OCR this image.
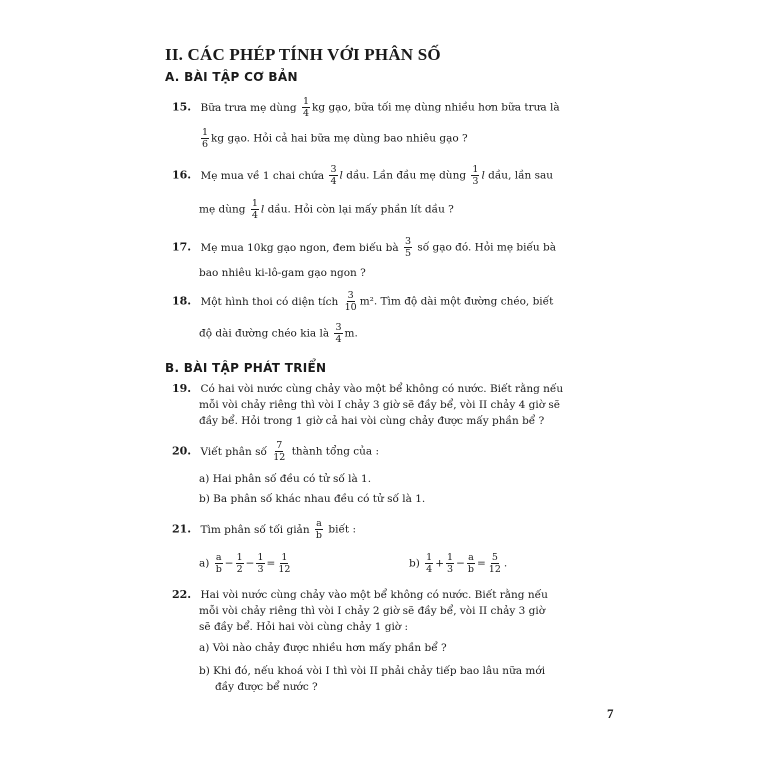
II. CÁC PHÉP TÍNH VỚI PHÂN SỐ
A. BÀI TẬP CƠ BẢN
15. Bữa trưa mẹ dùng $\frac{1}{4}$ kg gạo, bữa tối mẹ dùng nhiều hơn bữa trưa là
$\frac{1}{6}$ kg gạo. Hỏi cả hai bữa mẹ dùng bao nhiêu gạo ?
16. Mẹ mua về 1 chai chứa $\frac{3}{4}$ l dầu. Lần đầu mẹ dùng $\frac{1}{3}$ l dầu, lần sau
mẹ dùng $\frac{1}{4}$ l dầu. Hỏi còn lại mấy phần lít dầu ?
17. Mẹ mua 10kg gạo ngon, đem biếu bà $\frac{3}{5}$ số gạo đó. Hỏi mẹ biếu bà
bao nhiêu ki-lô-gam gạo ngon ?
18. Một hình thoi có diện tích $\frac{3}{10} m^2$. Tìm độ dài một đường chéo, biết
độ dài đường chéo kia là $\frac{3}{4} m$.
B. BÀI TẬP PHÁT TRIỂN
19. Có hai vòi nước cùng chảy vào một bể không có nước. Biết rằng nếu
mỗi vòi chảy riêng thì vòi I chảy 3 giờ sẽ đầy bể, vòi II chảy 4 giờ sẽ
đầy bể. Hỏi trong 1 giờ cả hai vòi cùng chảy được mấy phần bể ?
20. Viết phân số $\frac{7}{12}$ thành tổng của :
a) Hai phân số đều có tử số là 1.
b) Ba phân số khác nhau đều có tử số là 1.
21. Tìm phân số tối giản $\frac{a}{b}$ biết :
$a) \frac{a}{b} - \frac{1}{2} - \frac{1}{3} = \frac{1}{12}$	$b) \frac{1}{4} + \frac{1}{3} - \frac{a}{b} = \frac{5}{12}$ .
22. Hai vòi nước cùng chảy vào một bể không có nước. Biết rằng nếu
mỗi vòi chảy riêng thì vòi I chảy 2 giờ sẽ đầy bể, vòi II chảy 3 giờ
sẽ đầy bể. Hỏi hai vòi cùng chảy 1 giờ :
a) Vòi nào chảy được nhiều hơn mấy phần bể ?
b) Khi đó, nếu khoá vòi I thì vòi II phải chảy tiếp bao lâu nữa mới
đầy được bể nước ?
7
